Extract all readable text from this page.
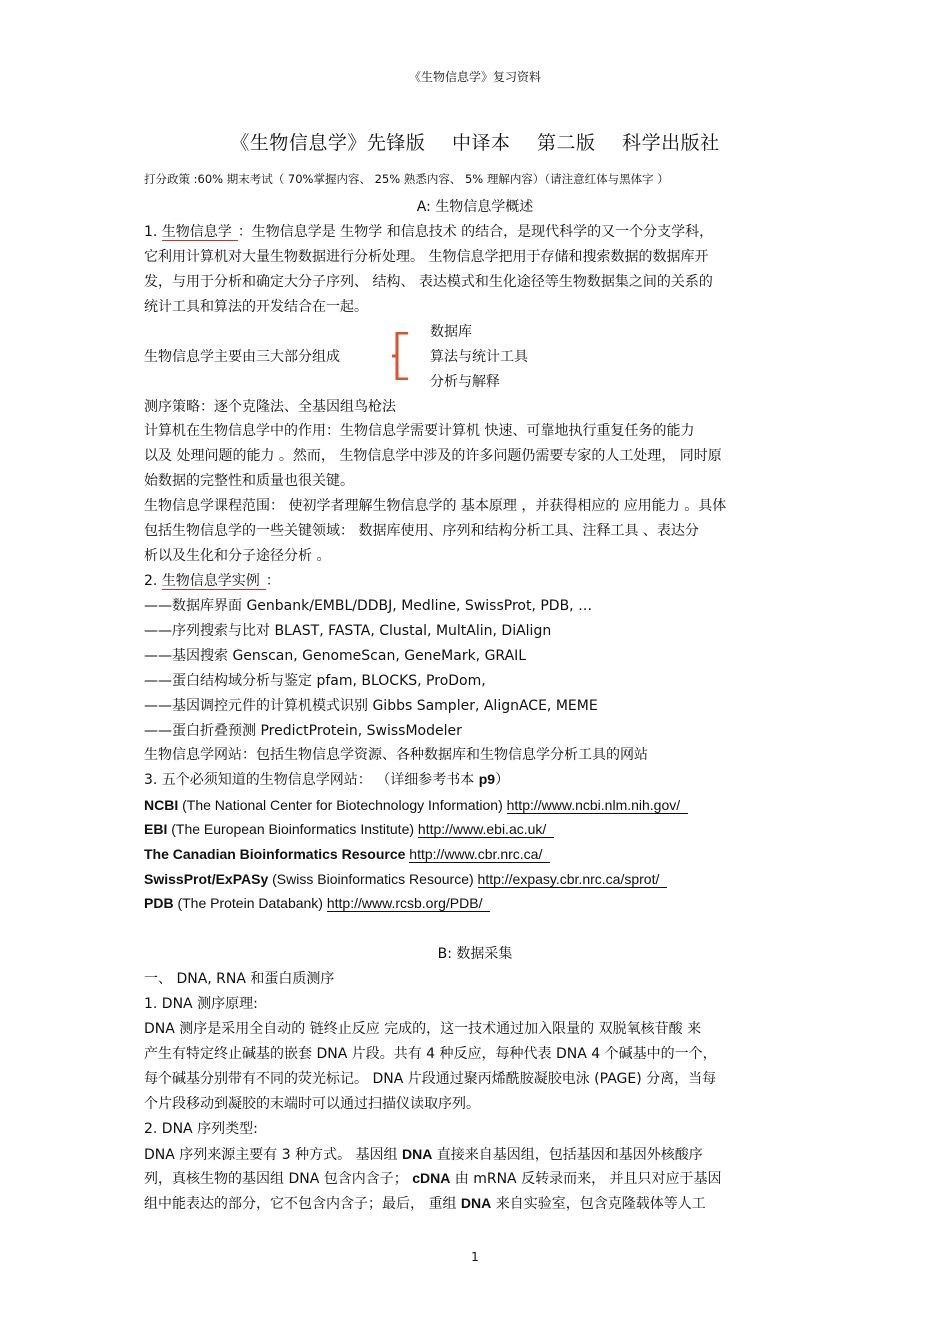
《生物信息学》复习资料
《生物信息学》先锋版 中译本 第二版 科学出版社
打分政策 :60% 期末考试（ 70%掌握内容、 25% 熟悉内容、 5% 理解内容）（请注意红体与黑体字 ）
A: 生物信息学概述
1. 生物信息学 ：生物信息学是 生物学 和信息技术 的结合，是现代科学的又一个分支学科，
它利用计算机对大量生物数据进行分析处理。 生物信息学把用于存储和搜索数据的数据库开
发，与用于分析和确定大分子序列、 结构、 表达模式和生化途径等生物数据集之间的关系的
统计工具和算法的开发结合在一起。
生物信息学主要由三大部分组成
数据库
算法与统计工具
分析与解释
测序策略：逐个克隆法、全基因组鸟枪法
计算机在生物信息学中的作用：生物信息学需要计算机 快速、可靠地执行重复任务的能力
以及 处理问题的能力 。然而， 生物信息学中涉及的许多问题仍需要专家的人工处理， 同时原
始数据的完整性和质量也很关键。
生物信息学课程范围： 使初学者理解生物信息学的 基本原理 ，并获得相应的 应用能力 。具体
包括生物信息学的一些关键领域： 数据库使用、序列和结构分析工具、注释工具 、表达分
析以及生化和分子途径分析 。
2. 生物信息学实例 ：
——数据库界面 Genbank/EMBL/DDBJ, Medline, SwissProt, PDB, …
——序列搜索与比对 BLAST, FASTA, Clustal, MultAlin, DiAlign
——基因搜索 Genscan, GenomeScan, GeneMark, GRAIL
——蛋白结构域分析与鉴定 pfam, BLOCKS, ProDom,
——基因调控元件的计算机模式识别 Gibbs Sampler, AlignACE, MEME
——蛋白折叠预测 PredictProtein, SwissModeler
生物信息学网站：包括生物信息学资源、各种数据库和生物信息学分析工具的网站
3. 五个必须知道的生物信息学网站： （详细参考书本 p9）
NCBI (The National Center for Biotechnology Information) http://www.ncbi.nlm.nih.gov/
EBI (The European Bioinformatics Institute) http://www.ebi.ac.uk/
The Canadian Bioinformatics Resource http://www.cbr.nrc.ca/
SwissProt/ExPASy (Swiss Bioinformatics Resource) http://expasy.cbr.nrc.ca/sprot/
PDB (The Protein Databank) http://www.rcsb.org/PDB/
B: 数据采集
一、 DNA, RNA 和蛋白质测序
1. DNA 测序原理:
DNA 测序是采用全自动的 链终止反应 完成的，这一技术通过加入限量的 双脱氧核苷酸 来
产生有特定终止碱基的嵌套 DNA 片段。共有 4 种反应，每种代表 DNA 4 个碱基中的一个，
每个碱基分别带有不同的荧光标记。 DNA 片段通过聚丙烯酰胺凝胶电泳 (PAGE) 分离，当每
个片段移动到凝胶的末端时可以通过扫描仪读取序列。
2. DNA 序列类型:
DNA 序列来源主要有 3 种方式。 基因组 DNA 直接来自基因组，包括基因和基因外核酸序
列，真核生物的基因组 DNA 包含内含子； cDNA 由 mRNA 反转录而来， 并且只对应于基因
组中能表达的部分，它不包含内含子；最后， 重组 DNA 来自实验室，包含克隆载体等人工
1
